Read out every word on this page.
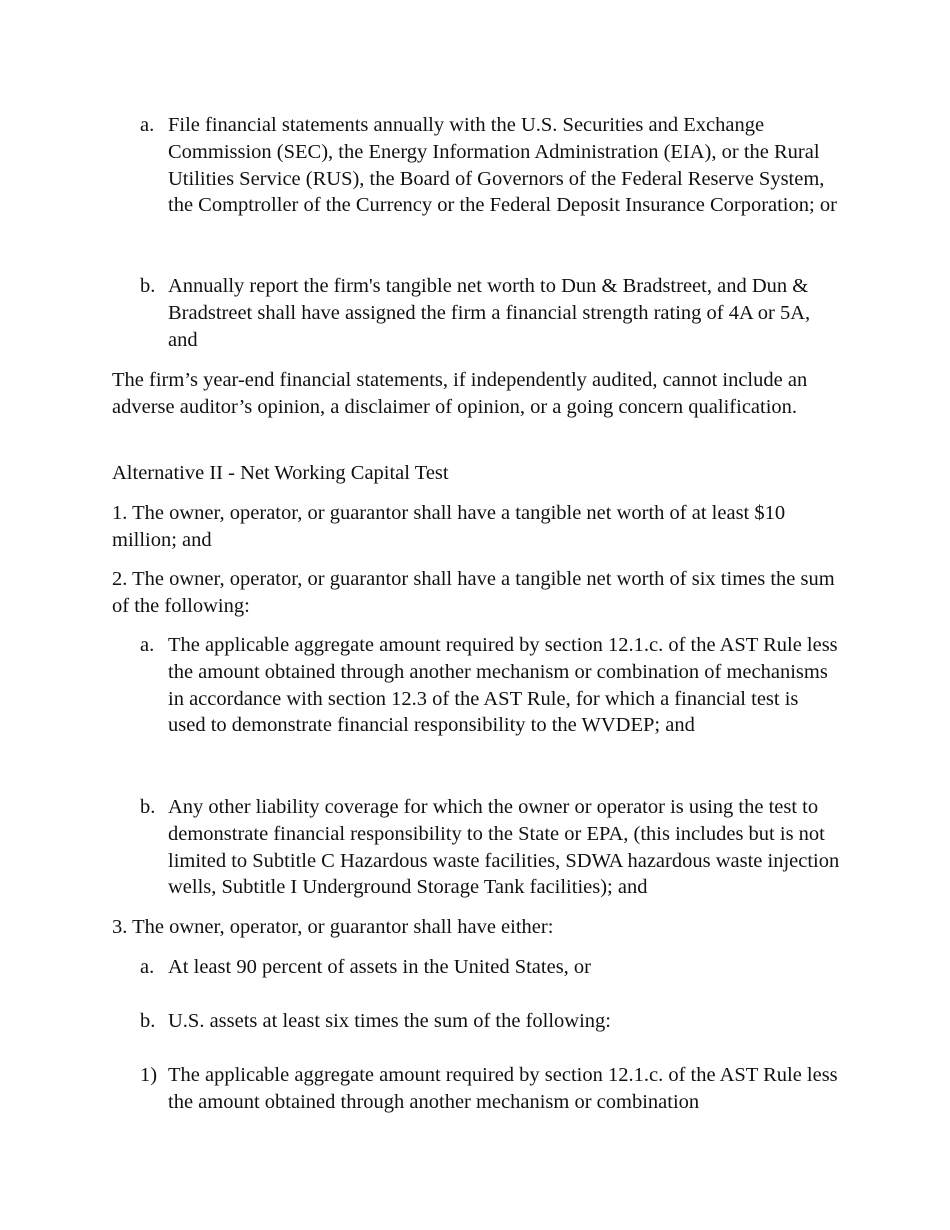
a. File financial statements annually with the U.S. Securities and Exchange Commission (SEC), the Energy Information Administration (EIA), or the Rural Utilities Service (RUS), the Board of Governors of the Federal Reserve System, the Comptroller of the Currency or the Federal Deposit Insurance Corporation; or
b. Annually report the firm's tangible net worth to Dun & Bradstreet, and Dun & Bradstreet shall have assigned the firm a financial strength rating of 4A or 5A, and

The firm’s year-end financial statements, if independently audited, cannot include an adverse auditor’s opinion, a disclaimer of opinion, or a going concern qualification.

Alternative II - Net Working Capital Test

1. The owner, operator, or guarantor shall have a tangible net worth of at least $10 million; and

2. The owner, operator, or guarantor shall have a tangible net worth of six times the sum of the following:

a. The applicable aggregate amount required by section 12.1.c. of the AST Rule less the amount obtained through another mechanism or combination of mechanisms in accordance with section 12.3 of the AST Rule, for which a financial test is used to demonstrate financial responsibility to the WVDEP; and
b. Any other liability coverage for which the owner or operator is using the test to demonstrate financial responsibility to the State or EPA, (this includes but is not limited to Subtitle C Hazardous waste facilities, SDWA hazardous waste injection wells, Subtitle I Underground Storage Tank facilities); and

3. The owner, operator, or guarantor shall have either:

a. At least 90 percent of assets in the United States, or
b. U.S. assets at least six times the sum of the following:
1) The applicable aggregate amount required by section 12.1.c. of the AST Rule less the amount obtained through another mechanism or combination
